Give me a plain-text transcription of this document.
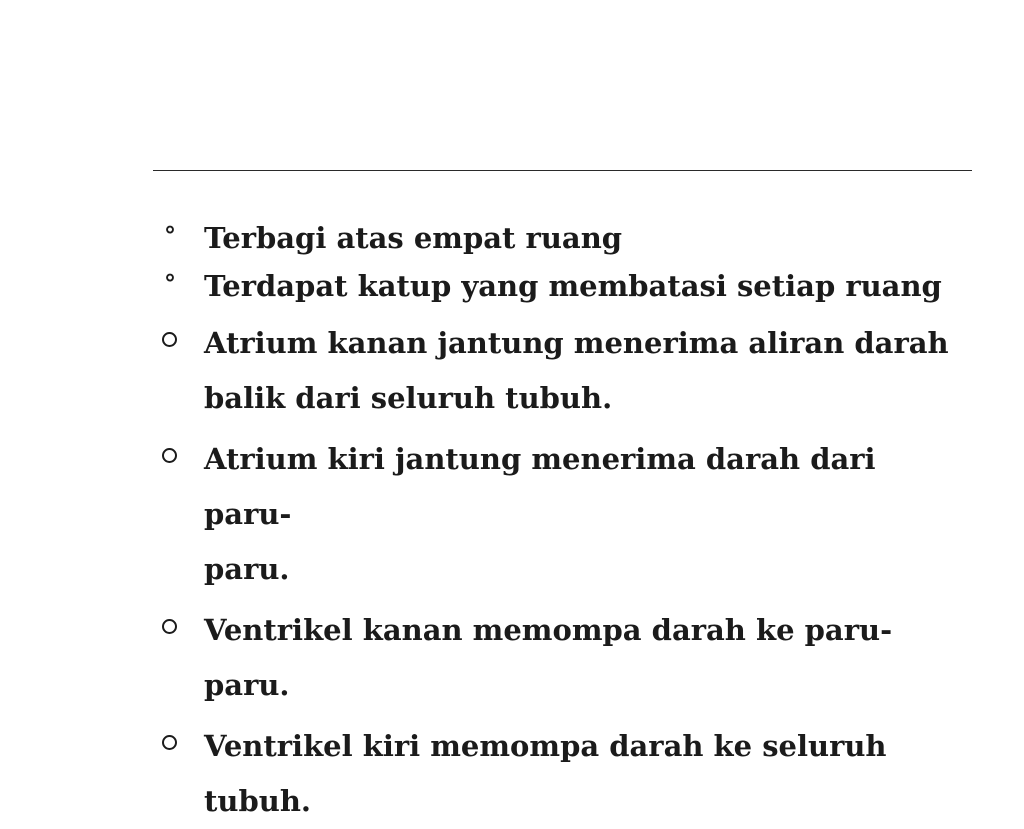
° Terbagi atas empat ruang
° Terdapat katup yang membatasi setiap ruang
Atrium kanan jantung menerima aliran darah
balik dari seluruh tubuh.
Atrium kiri jantung menerima darah dari paru-
paru.
Ventrikel kanan memompa darah ke paru-paru.
Ventrikel kiri memompa darah ke seluruh
tubuh.
